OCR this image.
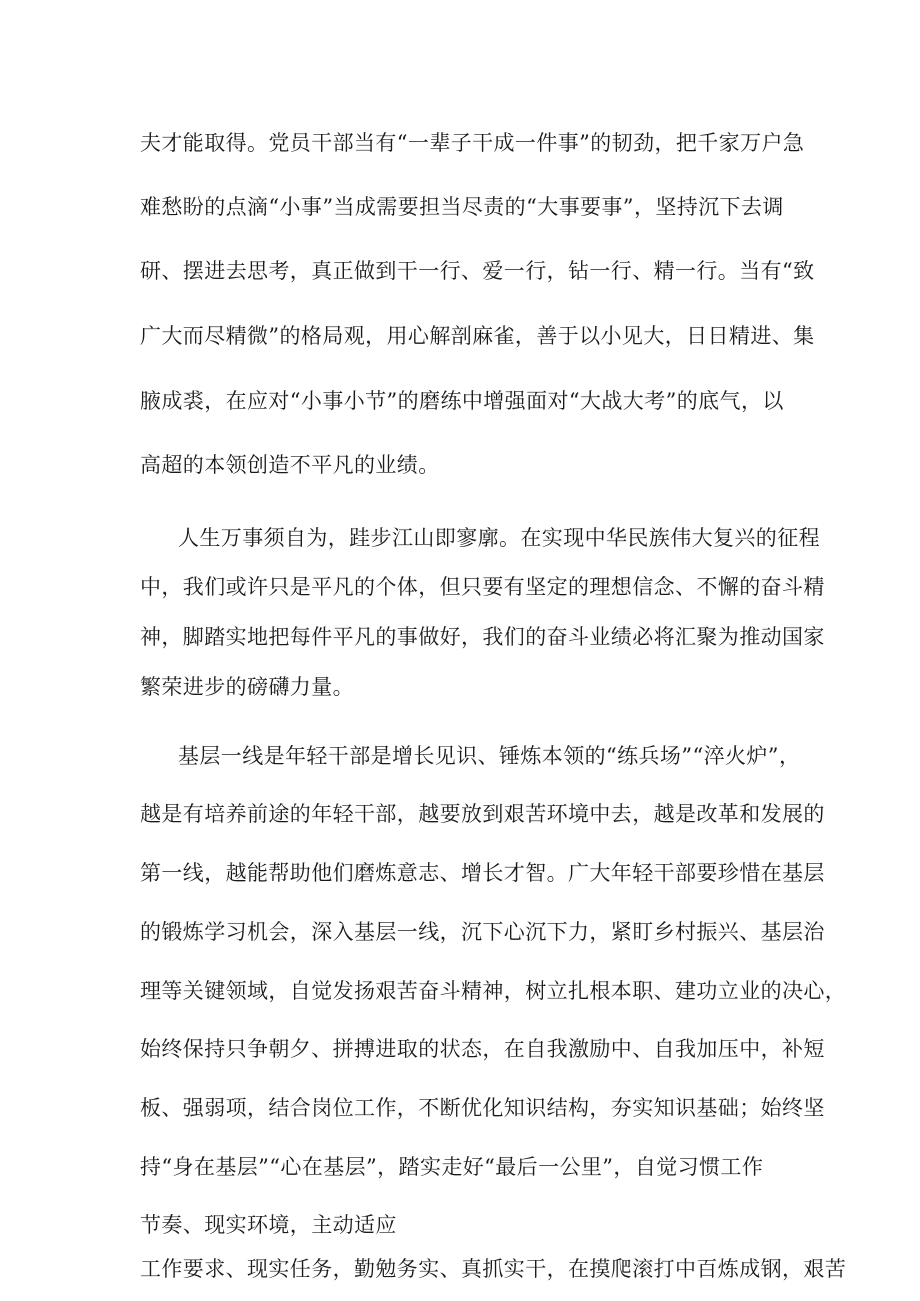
夫才能取得。党员干部当有“一辈子干成一件事”的韧劲，把千家万户急
难愁盼的点滴“小事”当成需要担当尽责的“大事要事”，坚持沉下去调
研、摆进去思考，真正做到干一行、爱一行，钻一行、精一行。当有“致
广大而尽精微”的格局观，用心解剖麻雀，善于以小见大，日日精进、集
腋成裘，在应对“小事小节”的磨练中增强面对“大战大考”的底气，以
高超的本领创造不平凡的业绩。
人生万事须自为，跬步江山即寥廓。在实现中华民族伟大复兴的征程
中，我们或许只是平凡的个体，但只要有坚定的理想信念、不懈的奋斗精
神，脚踏实地把每件平凡的事做好，我们的奋斗业绩必将汇聚为推动国家
繁荣进步的磅礴力量。
基层一线是年轻干部是增长见识、锤炼本领的“练兵场”“淬火炉”，
越是有培养前途的年轻干部，越要放到艰苦环境中去，越是改革和发展的
第一线，越能帮助他们磨炼意志、增长才智。广大年轻干部要珍惜在基层
的锻炼学习机会，深入基层一线，沉下心沉下力，紧盯乡村振兴、基层治
理等关键领域，自觉发扬艰苦奋斗精神，树立扎根本职、建功立业的决心，
始终保持只争朝夕、拼搏进取的状态，在自我激励中、自我加压中，补短
板、强弱项，结合岗位工作，不断优化知识结构，夯实知识基础；始终坚
持“身在基层”“心在基层”，踏实走好“最后一公里”，自觉习惯工作
节奏、现实环境，主动适应
工作要求、现实任务，勤勉务实、真抓实干，在摸爬滚打中百炼成钢，艰苦
